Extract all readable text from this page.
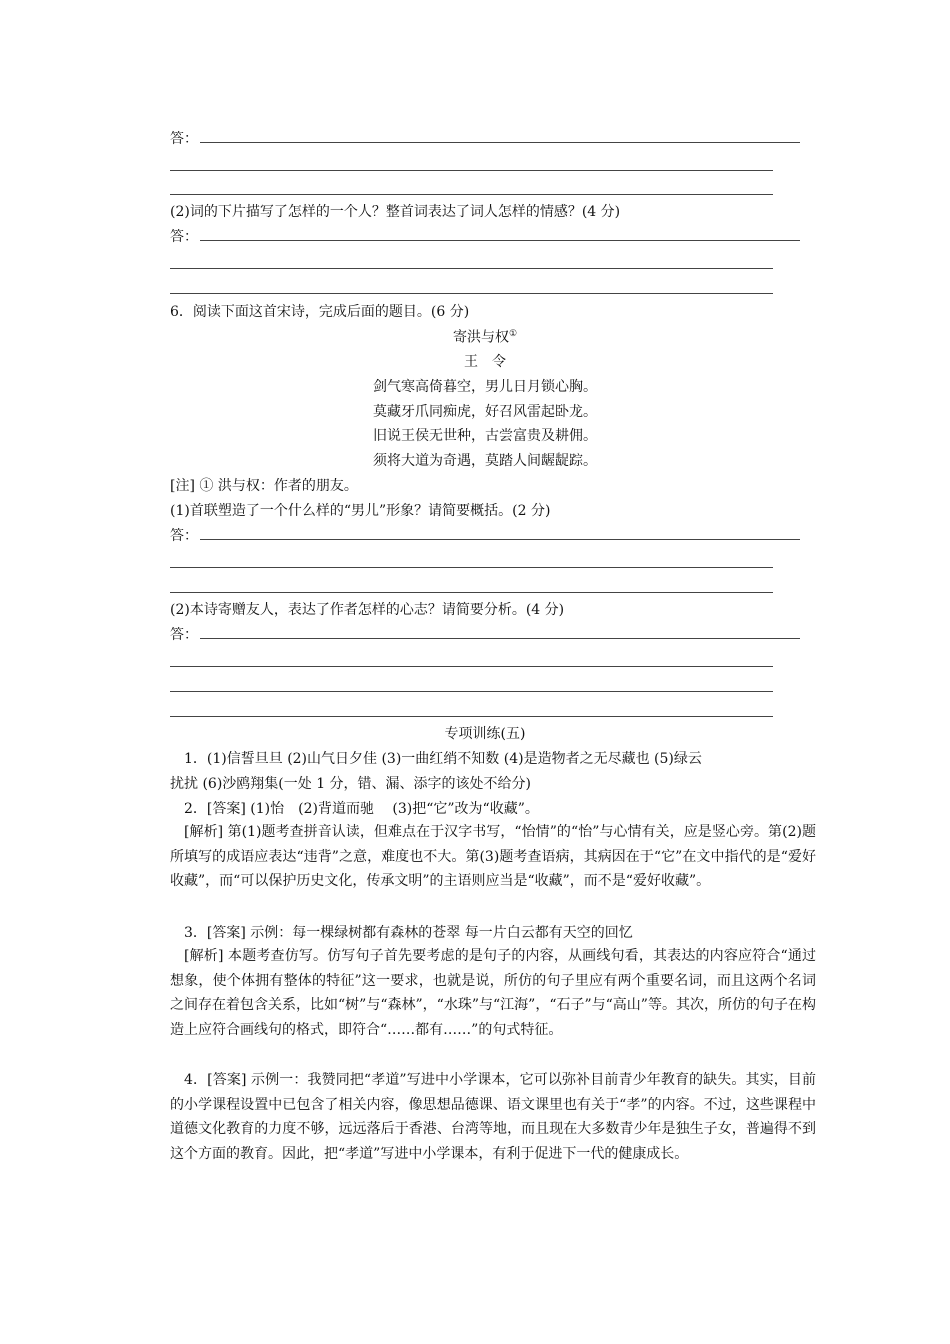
答：
(2)词的下片描写了怎样的一个人？整首词表达了词人怎样的情感？(4 分)
答：
6．阅读下面这首宋诗，完成后面的题目。(6 分)
寄洪与权①
王　令
剑气寒高倚暮空，男儿日月锁心胸。
莫藏牙爪同痴虎，好召风雷起卧龙。
旧说王侯无世种，古尝富贵及耕佣。
须将大道为奇遇，莫踏人间龌龊踪。
[注] ① 洪与权：作者的朋友。
(1)首联塑造了一个什么样的“男儿”形象？请简要概括。(2 分)
答：
(2)本诗寄赠友人，表达了作者怎样的心志？请简要分析。(4 分)
答：
专项训练(五)
1．(1)信誓旦旦 (2)山气日夕佳 (3)一曲红绡不知数 (4)是造物者之无尽藏也 (5)绿云
扰扰 (6)沙鸥翔集(一处 1 分，错、漏、添字的该处不给分)
2．[答案] (1)怡　(2)背道而驰　 (3)把“它”改为“收藏”。
[解析] 第(1)题考查拼音认读，但难点在于汉字书写，“怡情”的“怡”与心情有关，应是竖心旁。第(2)题所填写的成语应表达“违背”之意，难度也不大。第(3)题考查语病，其病因在于“它”在文中指代的是“爱好收藏”，而“可以保护历史文化，传承文明”的主语则应当是“收藏”，而不是“爱好收藏”。
3．[答案] 示例：每一棵绿树都有森林的苍翠 每一片白云都有天空的回忆
[解析] 本题考查仿写。仿写句子首先要考虑的是句子的内容，从画线句看，其表达的内容应符合“通过想象，使个体拥有整体的特征”这一要求，也就是说，所仿的句子里应有两个重要名词，而且这两个名词之间存在着包含关系，比如“树”与“森林”，“水珠”与“江海”，“石子”与“高山”等。其次，所仿的句子在构造上应符合画线句的格式，即符合“……都有……”的句式特征。
4．[答案] 示例一：我赞同把“孝道”写进中小学课本，它可以弥补目前青少年教育的缺失。其实，目前的小学课程设置中已包含了相关内容，像思想品德课、语文课里也有关于“孝”的内容。不过，这些课程中道德文化教育的力度不够，远远落后于香港、台湾等地，而且现在大多数青少年是独生子女，普遍得不到这个方面的教育。因此，把“孝道”写进中小学课本，有利于促进下一代的健康成长。
